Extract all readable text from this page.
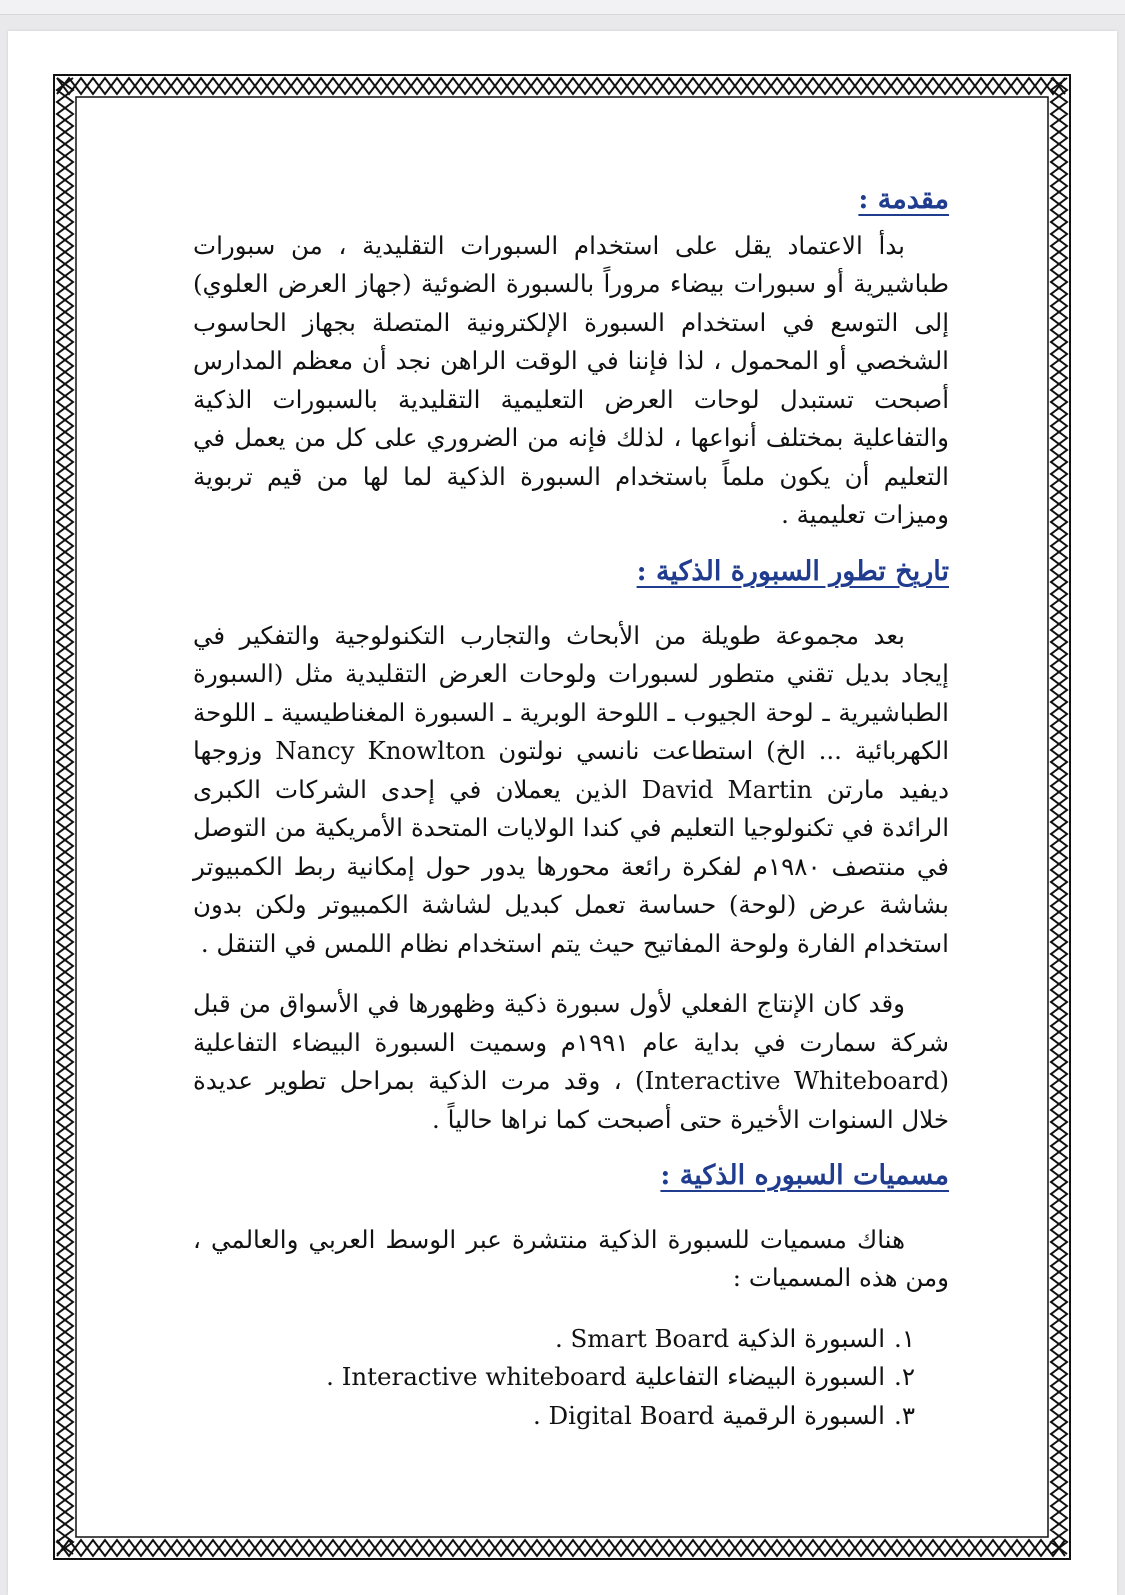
مقدمة :

بدأ الاعتماد يقل على استخدام السبورات التقليدية ، من سبورات طباشيرية أو سبورات بيضاء مروراً بالسبورة الضوئية (جهاز العرض العلوي) إلى التوسع في استخدام السبورة الإلكترونية المتصلة بجهاز الحاسوب الشخصي أو المحمول ، لذا فإننا في الوقت الراهن نجد أن معظم المدارس أصبحت تستبدل لوحات العرض التعليمية التقليدية بالسبورات الذكية والتفاعلية بمختلف أنواعها ، لذلك فإنه من الضروري على كل من يعمل في التعليم أن يكون ملماً باستخدام السبورة الذكية لما لها من قيم تربوية وميزات تعليمية .

تاريخ تطور السبورة الذكية :

بعد مجموعة طويلة من الأبحاث والتجارب التكنولوجية والتفكير في إيجاد بديل تقني متطور لسبورات ولوحات العرض التقليدية مثل (السبورة الطباشيرية ـ لوحة الجيوب ـ اللوحة الوبرية ـ السبورة المغناطيسية ـ اللوحة الكهربائية ... الخ) استطاعت نانسي نولتون Nancy Knowlton وزوجها ديفيد مارتن David Martin الذين يعملان في إحدى الشركات الكبرى الرائدة في تكنولوجيا التعليم في كندا الولايات المتحدة الأمريكية من التوصل في منتصف ١٩٨٠م لفكرة رائعة محورها يدور حول إمكانية ربط الكمبيوتر بشاشة عرض (لوحة) حساسة تعمل كبديل لشاشة الكمبيوتر ولكن بدون استخدام الفارة ولوحة المفاتيح حيث يتم استخدام نظام اللمس في التنقل .

وقد كان الإنتاج الفعلي لأول سبورة ذكية وظهورها في الأسواق من قبل شركة سمارت في بداية عام ١٩٩١م وسميت السبورة البيضاء التفاعلية (Interactive Whiteboard) ، وقد مرت الذكية بمراحل تطوير عديدة خلال السنوات الأخيرة حتى أصبحت كما نراها حالياً .

مسميات السبوره الذكية :

هناك مسميات للسبورة الذكية منتشرة عبر الوسط العربي والعالمي ، ومن هذه المسميات :

١.السبورة الذكية Smart Board .
٢.السبورة البيضاء التفاعلية Interactive whiteboard .
٣.السبورة الرقمية Digital Board .
